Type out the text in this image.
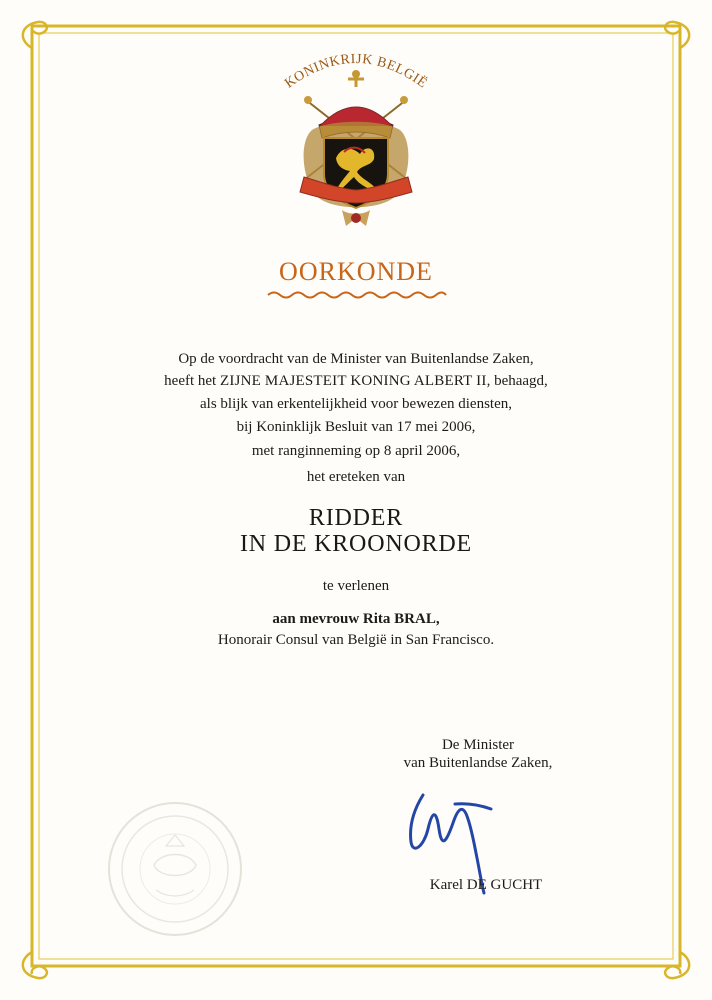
KONINKRIJK BELGIË
OORKONDE
Op de voordracht van de Minister van Buitenlandse Zaken,
heeft het ZIJNE MAJESTEIT KONING ALBERT II, behaagd,
als blijk van erkentelijkheid voor bewezen diensten,
bij Koninklijk Besluit van 17 mei 2006,
met ranginneming op 8 april 2006,
het ereteken van
RIDDER
IN DE KROONORDE
te verlenen
aan mevrouw Rita BRAL,
Honorair Consul van België in San Francisco.
De Minister
van Buitenlandse Zaken,
Karel DE GUCHT
